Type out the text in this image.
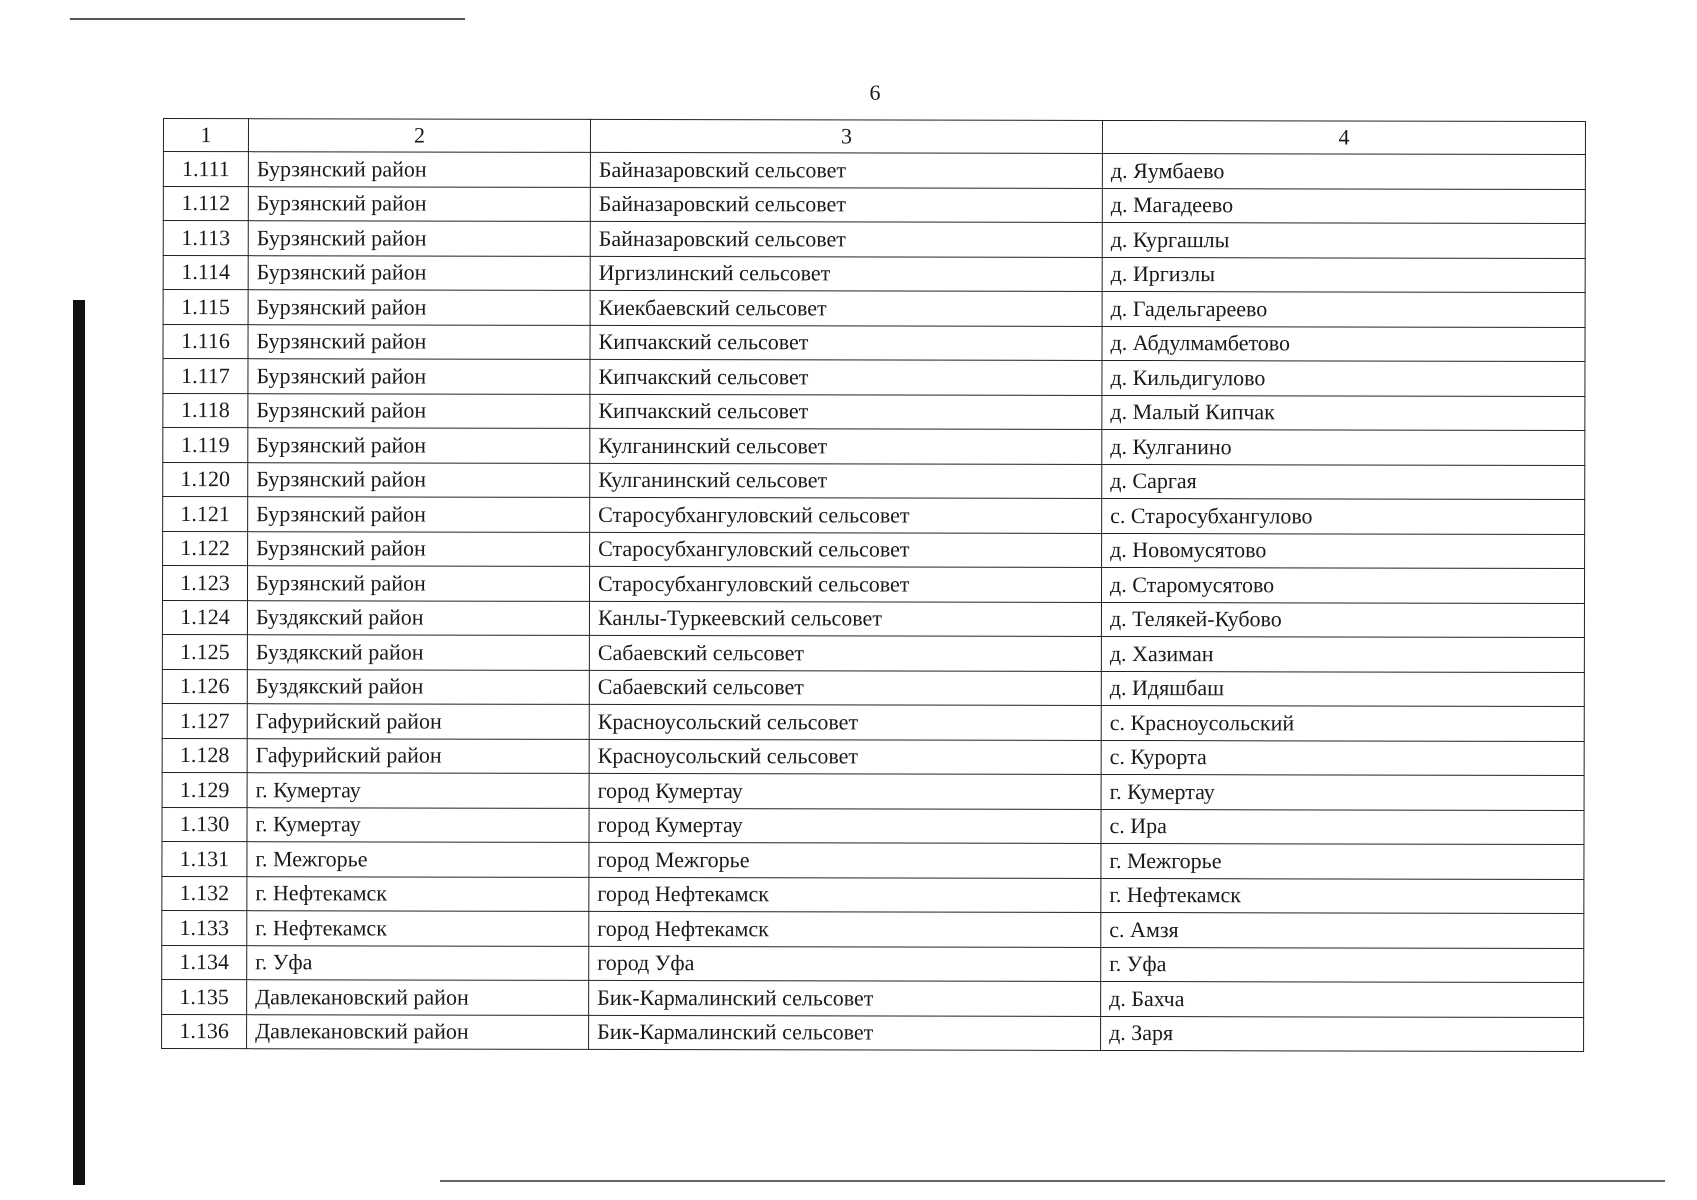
6
1	2	3	4
1.111	Бурзянский район	Байназаровский сельсовет	д. Яумбаево
1.112	Бурзянский район	Байназаровский сельсовет	д. Магадеево
1.113	Бурзянский район	Байназаровский сельсовет	д. Кургашлы
1.114	Бурзянский район	Иргизлинский сельсовет	д. Иргизлы
1.115	Бурзянский район	Киекбаевский сельсовет	д. Гадельгареево
1.116	Бурзянский район	Кипчакский сельсовет	д. Абдулмамбетово
1.117	Бурзянский район	Кипчакский сельсовет	д. Кильдигулово
1.118	Бурзянский район	Кипчакский сельсовет	д. Малый Кипчак
1.119	Бурзянский район	Кулганинский сельсовет	д. Кулганино
1.120	Бурзянский район	Кулганинский сельсовет	д. Саргая
1.121	Бурзянский район	Старосубхангуловский сельсовет	с. Старосубхангулово
1.122	Бурзянский район	Старосубхангуловский сельсовет	д. Новомусятово
1.123	Бурзянский район	Старосубхангуловский сельсовет	д. Старомусятово
1.124	Буздякский район	Канлы-Туркеевский сельсовет	д. Телякей-Кубово
1.125	Буздякский район	Сабаевский сельсовет	д. Хазиман
1.126	Буздякский район	Сабаевский сельсовет	д. Идяшбаш
1.127	Гафурийский район	Красноусольский сельсовет	с. Красноусольский
1.128	Гафурийский район	Красноусольский сельсовет	с. Курорта
1.129	г. Кумертау	город Кумертау	г. Кумертау
1.130	г. Кумертау	город Кумертау	с. Ира
1.131	г. Межгорье	город Межгорье	г. Межгорье
1.132	г. Нефтекамск	город Нефтекамск	г. Нефтекамск
1.133	г. Нефтекамск	город Нефтекамск	с. Амзя
1.134	г. Уфа	город Уфа	г. Уфа
1.135	Давлекановский район	Бик-Кармалинский сельсовет	д. Бахча
1.136	Давлекановский район	Бик-Кармалинский сельсовет	д. Заря
